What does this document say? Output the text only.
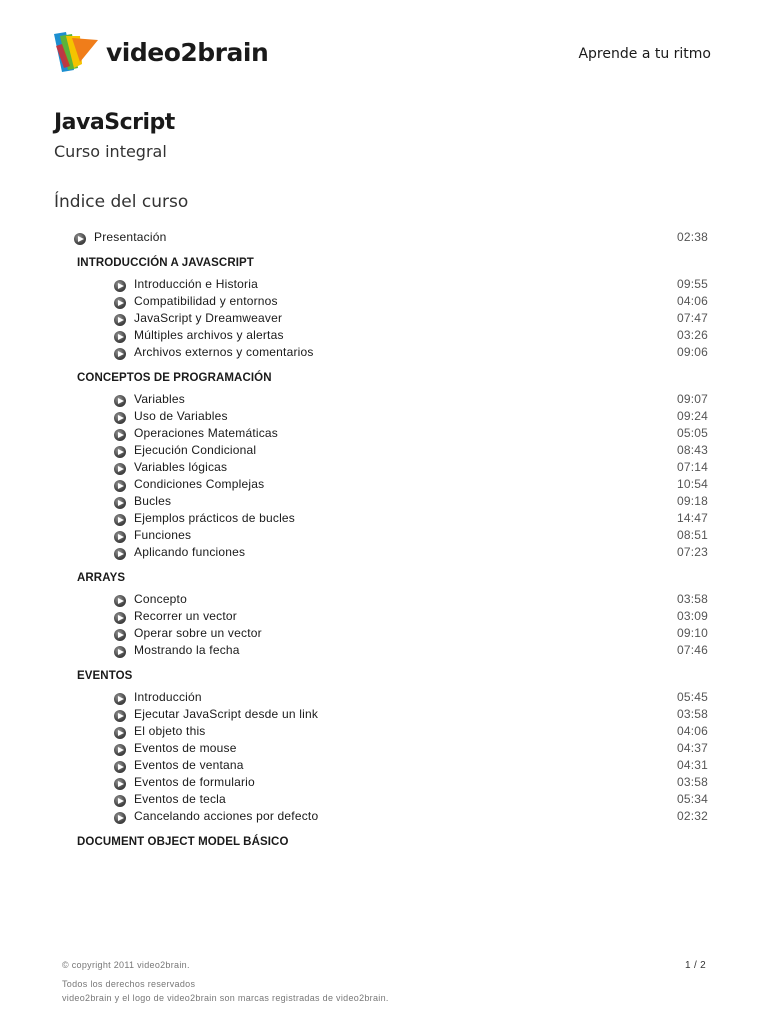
video2brain	Aprende a tu ritmo
JavaScript
Curso integral
Índice del curso
Presentación	02:38
INTRODUCCIÓN A JAVASCRIPT
Introducción e Historia	09:55
Compatibilidad y entornos	04:06
JavaScript y Dreamweaver	07:47
Múltiples archivos y alertas	03:26
Archivos externos y comentarios	09:06
CONCEPTOS DE PROGRAMACIÓN
Variables	09:07
Uso de Variables	09:24
Operaciones Matemáticas	05:05
Ejecución Condicional	08:43
Variables lógicas	07:14
Condiciones Complejas	10:54
Bucles	09:18
Ejemplos prácticos de bucles	14:47
Funciones	08:51
Aplicando funciones	07:23
ARRAYS
Concepto	03:58
Recorrer un vector	03:09
Operar sobre un vector	09:10
Mostrando la fecha	07:46
EVENTOS
Introducción	05:45
Ejecutar JavaScript desde un link	03:58
El objeto this	04:06
Eventos de mouse	04:37
Eventos de ventana	04:31
Eventos de formulario	03:58
Eventos de tecla	05:34
Cancelando acciones por defecto	02:32
DOCUMENT OBJECT MODEL BÁSICO
© copyright 2011 video2brain.	1 / 2
Todos los derechos reservados
video2brain y el logo de video2brain son marcas registradas de video2brain.
